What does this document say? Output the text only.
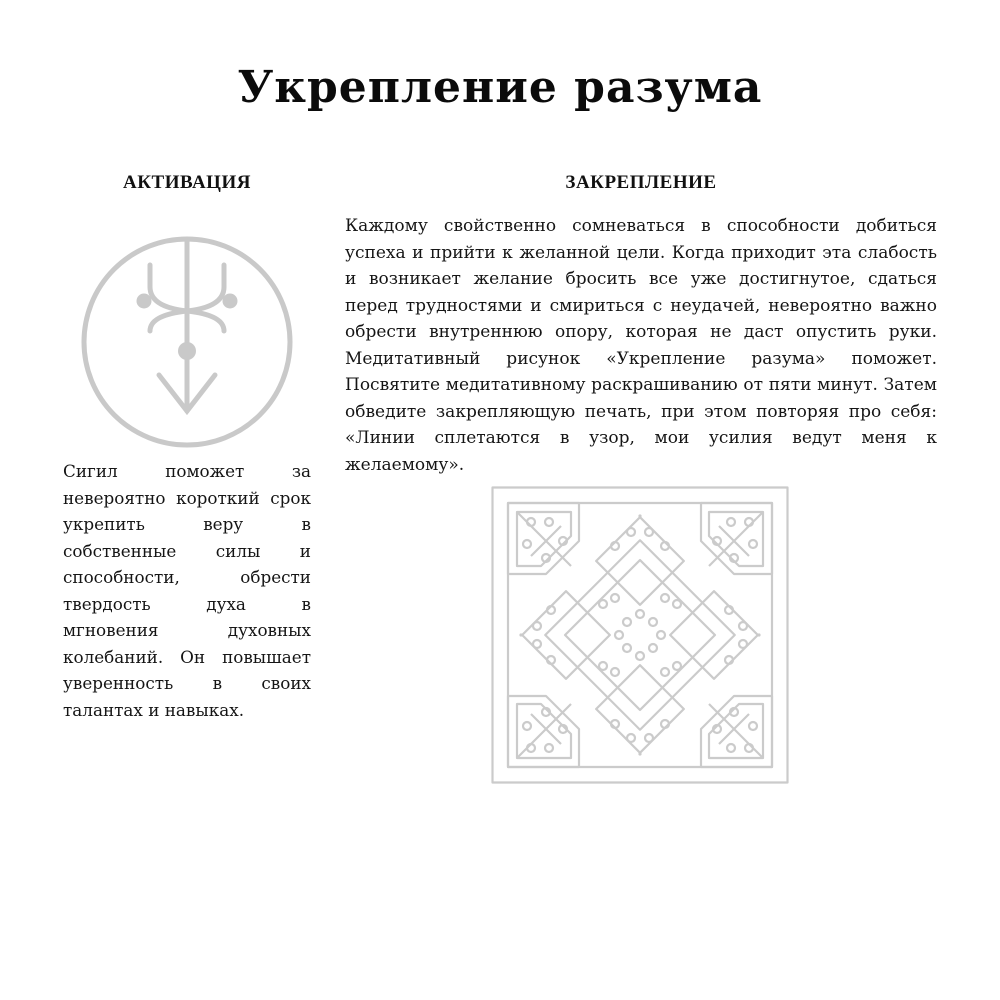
Укрепление разума
АКТИВАЦИЯ	ЗАКРЕПЛЕНИЕ

Каждому свойственно сомневаться в способности добиться успеха и прийти к желанной цели. Когда приходит эта слабость и возникает желание бросить все уже достигнутое, сдаться перед трудностями и смириться с неудачей, невероятно важно обрести внутреннюю опору, которая не даст опустить руки. Медитативный рисунок «Укрепление разума» поможет. Посвятите медитативному раскрашиванию от пяти минут. Затем обведите закрепляющую печать, при этом повторяя про себя: «Линии сплетаются в узор, мои усилия ведут меня к желаемому».

Сигил поможет за невероятно короткий срок укрепить веру в собственные силы и способности, обрести твердость духа в мгновения духовных колебаний. Он повышает уверенность в своих талантах и навыках.
